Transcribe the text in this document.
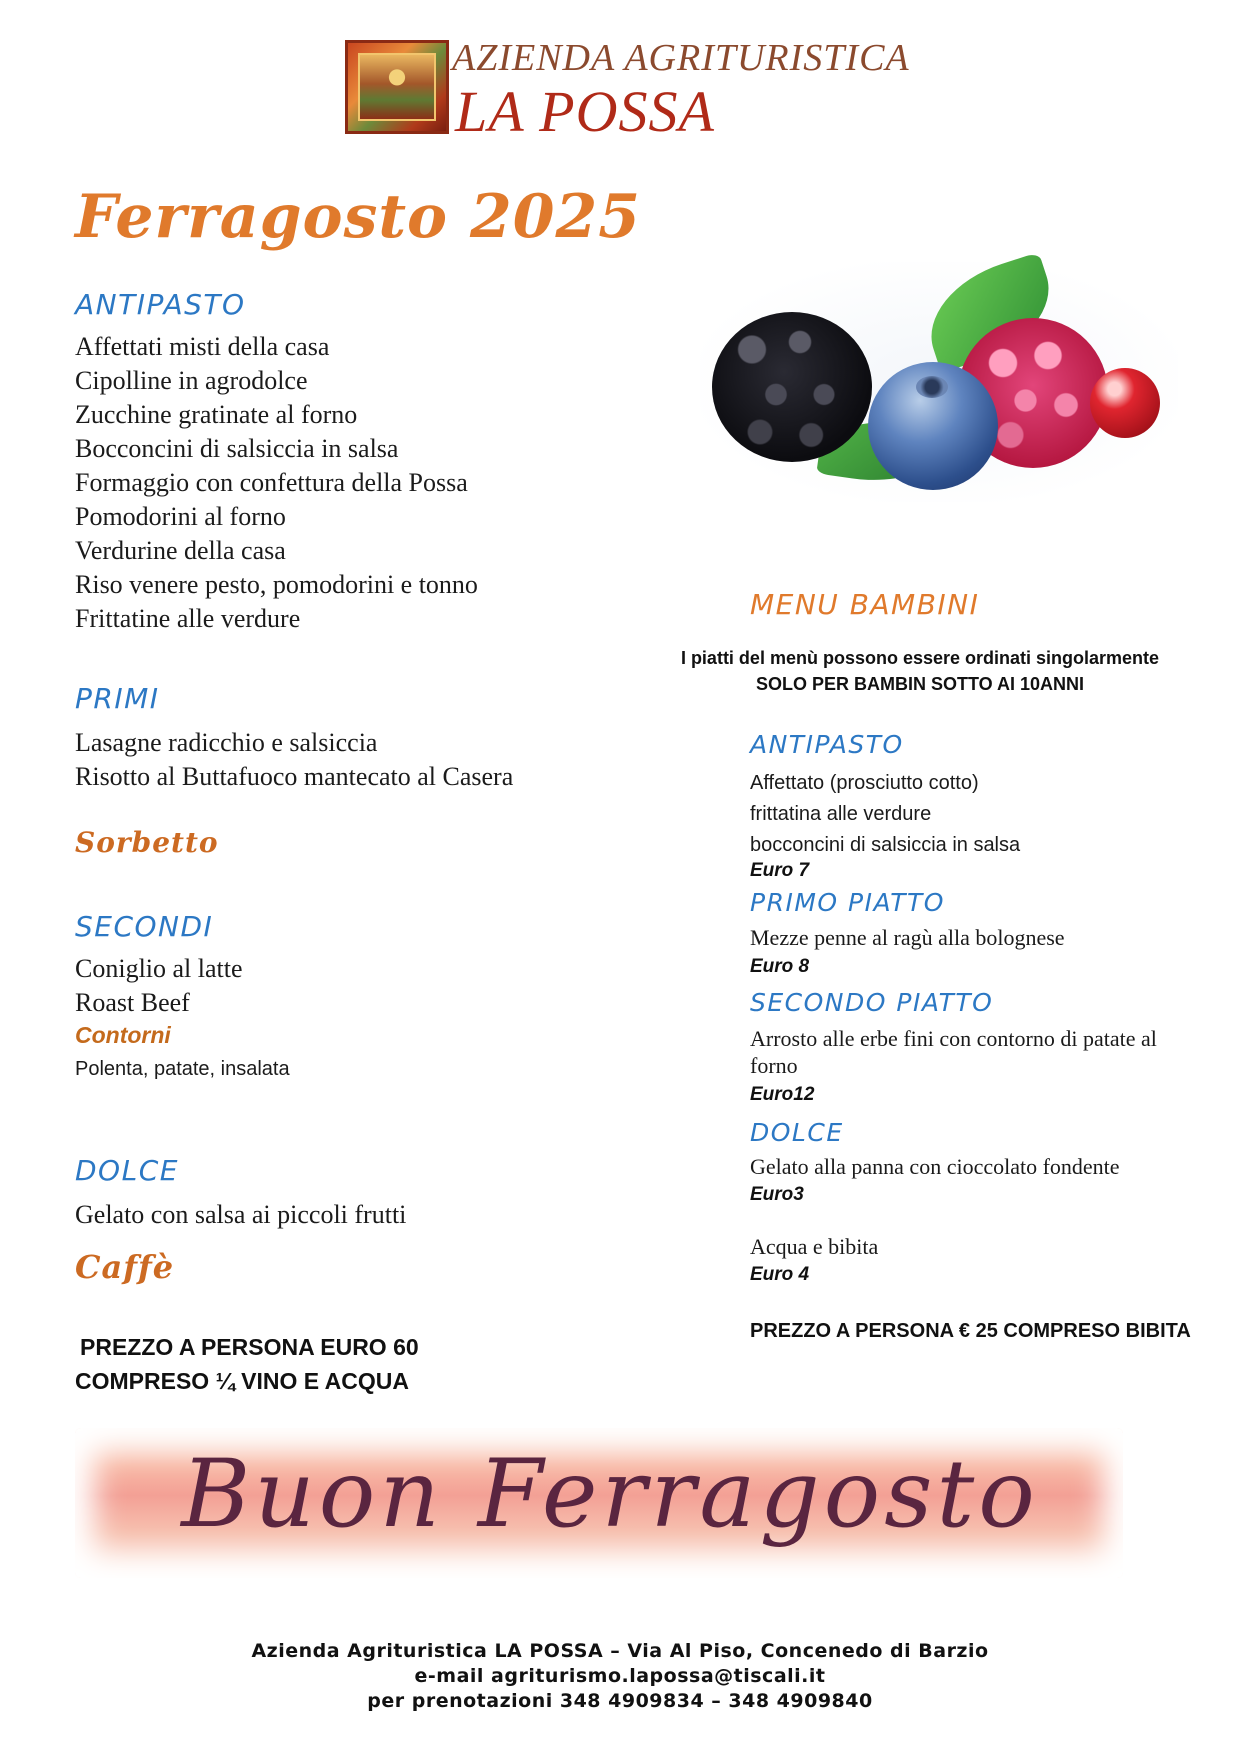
AZIENDA AGRITURISTICA
LA POSSA
Ferragosto 2025
ANTIPASTO
Affettati misti della casa
Cipolline in agrodolce
Zucchine gratinate al forno
Bocconcini di salsiccia in salsa
Formaggio con confettura della Possa
Pomodorini al forno
Verdurine della casa
Riso venere pesto, pomodorini e tonno
Frittatine alle verdure
PRIMI
Lasagne radicchio e salsiccia
Risotto al Buttafuoco mantecato al Casera
Sorbetto
SECONDI
Coniglio al latte
Roast Beef
Contorni
Polenta, patate, insalata
DOLCE
Gelato con salsa ai piccoli frutti
Caffè
PREZZO A PERSONA EURO 60
COMPRESO ¼ VINO E ACQUA
MENU BAMBINI
I piatti del menù possono essere ordinati singolarmente
SOLO PER BAMBIN SOTTO AI 10ANNI
ANTIPASTO
Affettato (prosciutto cotto)
frittatina alle verdure
bocconcini di salsiccia in salsa
Euro 7
PRIMO PIATTO
Mezze penne al ragù alla bolognese
Euro 8
SECONDO PIATTO
Arrosto alle erbe fini con contorno di patate al
forno
Euro12
DOLCE
Gelato alla panna con cioccolato fondente
Euro3
Acqua e bibita
Euro 4
PREZZO A PERSONA € 25 COMPRESO BIBITA
Buon Ferragosto
Azienda Agrituristica LA POSSA – Via Al Piso, Concenedo di Barzio
e-mail agriturismo.lapossa@tiscali.it
per prenotazioni 348 4909834 – 348 4909840
